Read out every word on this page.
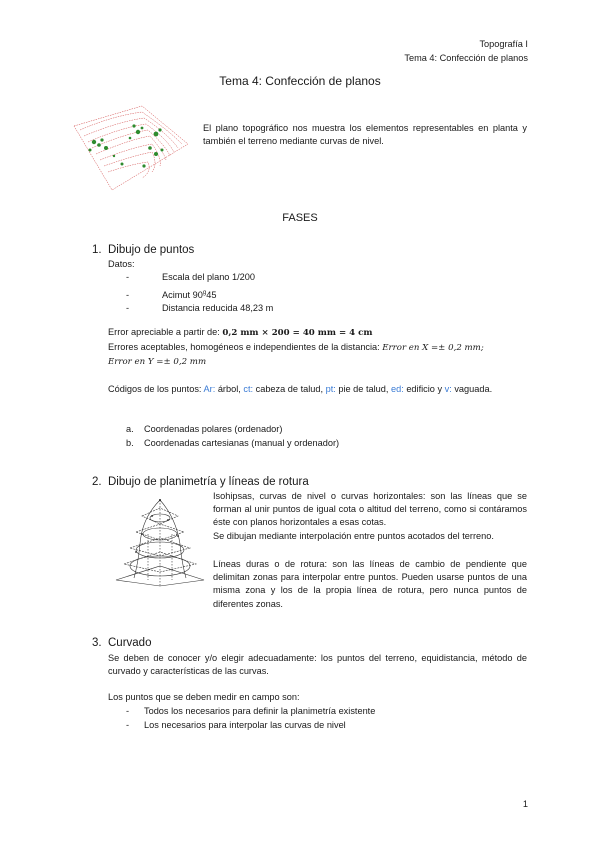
Topografía I
Tema 4: Confección de planos
Tema 4: Confección de planos
El plano topográfico nos muestra los elementos representables en planta y también el terreno mediante curvas de nivel.
FASES
1. Dibujo de puntos
Datos:
-	Escala del plano 1/200
-	Acimut 90$^g$45
-	Distancia reducida 48,23 m
Error apreciable a partir de: 0,2 mm × 200 = 40 mm = 4 cm
Errores aceptables, homogéneos e independientes de la distancia: Error en X =± 0,2 mm;
Error en Y =± 0,2 mm
Códigos de los puntos: Ar: árbol, ct: cabeza de talud, pt: pie de talud, ed: edificio y v: vaguada.
a. Coordenadas polares (ordenador)
b. Coordenadas cartesianas (manual y ordenador)
2. Dibujo de planimetría y líneas de rotura
Isohipsas, curvas de nivel o curvas horizontales: son las líneas que se forman al unir puntos de igual cota o altitud del terreno, como si contáramos éste con planos horizontales a esas cotas.
Se dibujan mediante interpolación entre puntos acotados del terreno.
Líneas duras o de rotura: son las líneas de cambio de pendiente que delimitan zonas para interpolar entre puntos. Pueden usarse puntos de una misma zona y los de la propia línea de rotura, pero nunca puntos de diferentes zonas.
3. Curvado
Se deben de conocer y/o elegir adecuadamente: los puntos del terreno, equidistancia, método de curvado y características de las curvas.
Los puntos que se deben medir en campo son:
- Todos los necesarios para definir la planimetría existente
- Los necesarios para interpolar las curvas de nivel
1
